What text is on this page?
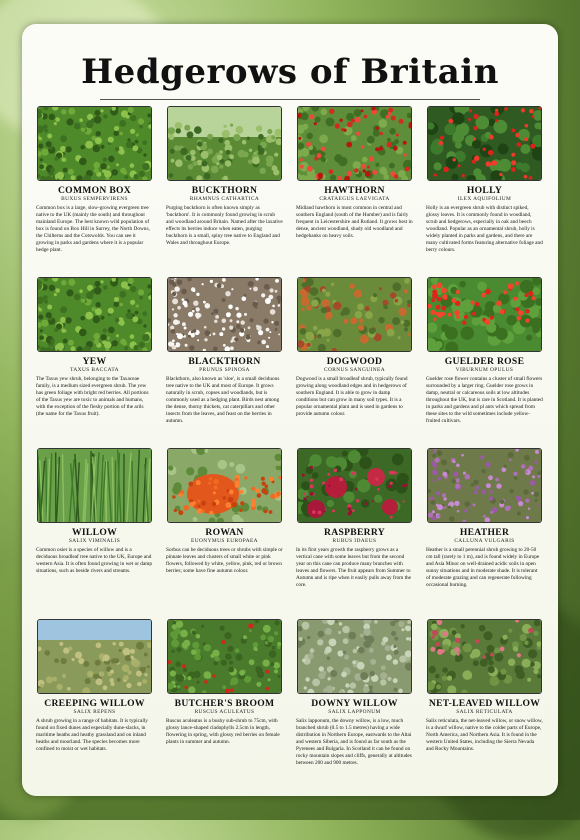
Hedgerows of Britain
COMMON BOX
BUXUS SEMPERVIRENS

Common box is a large, slow-growing evergreen tree native to the UK (mainly the south) and throughout mainland Europe. The best known wild population of box is found on Box Hill in Surrey, the North Downs, the Chilterns and the Cotswolds. You can see it growing in parks and gardens where it is a popular hedge plant.

BUCKTHORN
RHAMNUS CATHARTICA

Purging buckthorn is often known simply as 'buckthorn'. It is commonly found growing in scrub and woodland around Britain. Named after the laxative effects its berries induce when eaten, purging buckthorn is a small, spiny tree native to England and Wales and throughout Europe.

HAWTHORN
CRATAEGUS LAEVIGATA

Midland hawthorn is most common in central and southern England (south of the Humber) and is fairly frequent in Leicestershire and Rutland. It grows best in dense, ancient woodland, shady old woodland and hedgebanks on heavy soils.

HOLLY
ILEX AQUIFOLIUM

Holly is an evergreen shrub with distinct spiked, glossy leaves. It is commonly found in woodland, scrub and hedgerows, especially in oak and beech woodland. Popular as an ornamental shrub, holly is widely planted in parks and gardens, and there are many cultivated forms featuring alternative foliage and berry colours.

YEW
TAXUS BACCATA

The Taxus yew shrub, belonging to the Taxaceae family, is a medium sized evergreen shrub. The yew has green foliage with bright red berries. All portions of the Taxus yew are toxic to animals and humans, with the exception of the fleshy portion of the arils (the name for the Taxus fruit).

BLACKTHORN
PRUNUS SPINOSA

Blackthorn, also known as 'sloe', is a small deciduous tree native to the UK and most of Europe. It grows naturally in scrub, copses and woodlands, but is commonly used as a hedging plant. Birds nest among the dense, thorny thickets, cat caterpillars and other insects from the leaves, and feast on the berries in autumn.

DOGWOOD
CORNUS SANGUINEA

Dogwood is a small broadleaf shrub, typically found growing along woodland edges and in hedgerows of southern England. It is able to grow in damp conditions but can grow in many soil types. It is a popular ornamental plant and is used in gardens to provide autumn colour.

GUELDER ROSE
VIBURNUM OPULUS

Guelder rose flower contains a cluster of small flowers surrounded by a larger ring. Guelder rose grows in damp, neutral or calcareous soils at low altitudes throughout the UK, but is rare in Scotland. It is planted in parks and gardens and pl ants which spread from these sites to the wild sometimes include yellow-fruited cultivars.

WILLOW
SALIX VIMINALIS

Common osier is a species of willow and is a deciduous broadleaf tree native to the UK, Europe and western Asia. It is often found growing in wet or damp situations, such as beside rivers and streams.

ROWAN
EUONYMUS EUROPAEA

Sorbus can be deciduous trees or shrubs with simple or pinnate leaves and clusters of small white or pink flowers, followed by white, yellow, pink, red or brown berries; some have fine autumn colour.

RASPBERRY
RUBUS IDAEUS

In its first years growth the raspberry grows as a vertical cane with some leaves but from the second year on this cane can produce many branches with leaves and flowers. The fruit appears from Summer to Autumn and is ripe when it easily pulls away from the core.

HEATHER
CALLUNA VULGARIS

Heather is a small perennial shrub growing to 20-50 cm tall (rarely to 1 m), and is found widely in Europe and Asia Minor on well-drained acidic soils in open sunny situations and in moderate shade. It is tolerant of moderate grazing and can regenerate following occasional burning.

CREEPING WILLOW
SALIX REPENS

A shrub growing in a range of habitats. It is typically found on fixed dunes and especially dune-slacks, in maritime heaths and heathy grassland and on inland heaths and moorland. The species becomes more confined to moist or wet habitats.

BUTCHER'S BROOM
RUSCUS ACULEATUS

Ruscus aculeatus is a bushy sub-shrub to 75cm, with glossy lance-shaped cladophylls 2.5cm in length, flowering in spring, with glossy red berries on female plants in summer and autumn.

DOWNY WILLOW
SALIX LAPPONUM

Salix lapponum, the downy willow, is a low, much branched shrub (0.5 to 1.5 metres) having a wide distribution in Northern Europe, eastwards to the Altai and western Siberia, and is found as far south as the Pyrenees and Bulgaria. In Scotland it can be found on rocky mountain slopes and cliffs, generally at altitudes between 200 and 900 metres.

NET-LEAVED WILLOW
SALIX RETICULATA

Salix reticulata, the net-leaved willow, or snow willow, is a dwarf willow, native to the colder parts of Europe, North America, and Northern Asia. It is found in the western United States, including the Sierra Nevada and Rocky Mountains.
